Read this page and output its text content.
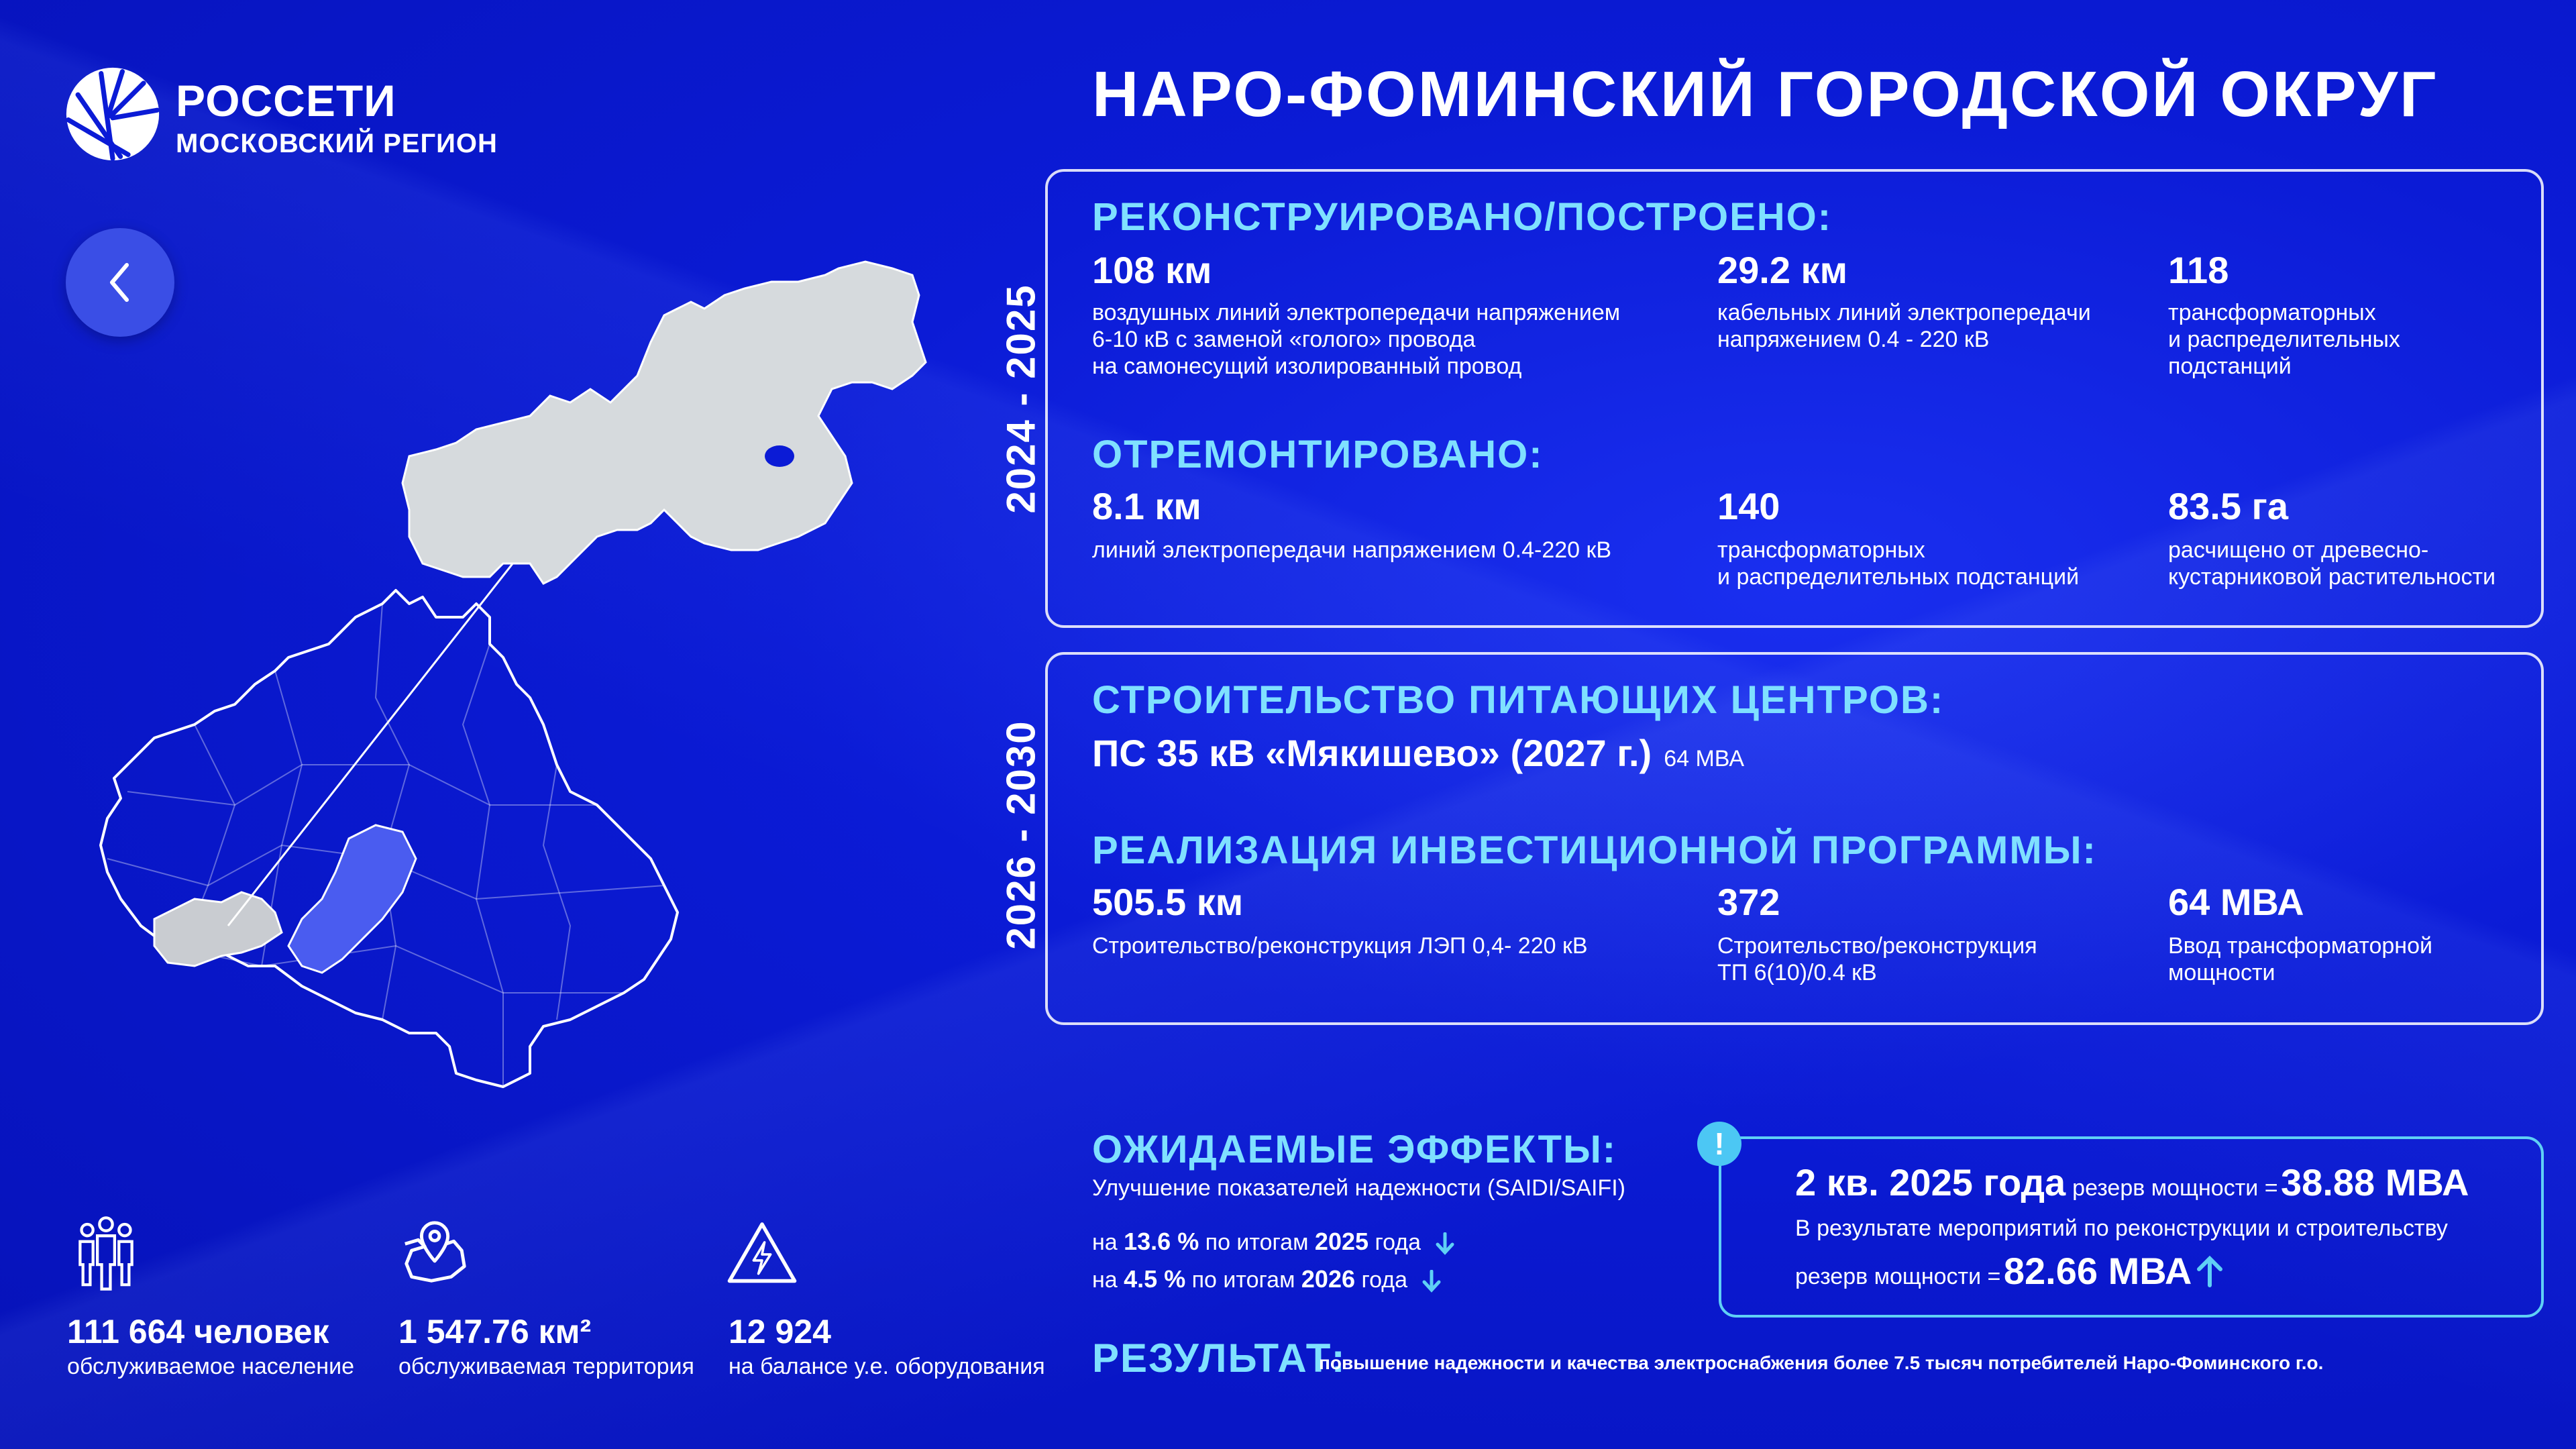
РОССЕТИ
МОСКОВСКИЙ РЕГИОН
НАРО-ФОМИНСКИЙ ГОРОДСКОЙ ОКРУГ
2024 - 2025
РЕКОНСТРУИРОВАНО/ПОСТРОЕНО:
108 км
воздушных линий электропередачи напряжением
6-10 кВ с заменой «голого» провода
на самонесущий изолированный провод
29.2 км
кабельных линий электропередачи
напряжением 0.4 - 220 кВ
118
трансформаторных
и распределительных
подстанций
ОТРЕМОНТИРОВАНО:
8.1 км
линий электропередачи напряжением 0.4-220 кВ
140
трансформаторных
и распределительных подстанций
83.5 га
расчищено от древесно-
кустарниковой растительности
2026 - 2030
СТРОИТЕЛЬСТВО ПИТАЮЩИХ ЦЕНТРОВ:
ПС 35 кВ «Мякишево» (2027 г.) 64 МВА
РЕАЛИЗАЦИЯ ИНВЕСТИЦИОННОЙ ПРОГРАММЫ:
505.5 км
Строительство/реконструкция ЛЭП 0,4- 220 кВ
372
Строительство/реконструкция
ТП 6(10)/0.4 кВ
64 МВА
Ввод трансформаторной
мощности
111 664 человек
обслуживаемое население
1 547.76 км²
обслуживаемая территория
12 924
на балансе у.е. оборудования
ОЖИДАЕМЫЕ ЭФФЕКТЫ:
Улучшение показателей надежности (SAIDI/SAIFI)
на 13.6 % по итогам 2025 года
на 4.5 % по итогам 2026 года
!
2 кв. 2025 года резерв мощности = 38.88 МВА
В результате мероприятий по реконструкции и строительству
резерв мощности = 82.66 МВА
РЕЗУЛЬТАТ:
повышение надежности и качества электроснабжения более 7.5 тысяч потребителей Наро-Фоминского г.о.
